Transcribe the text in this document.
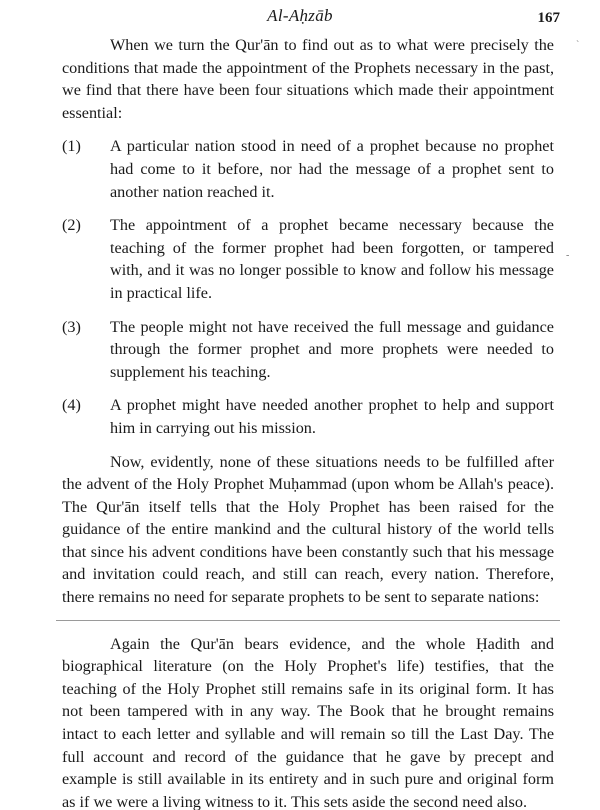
Al-Aḥzāb	167
`
-

When we turn the Qur'ān to find out as to what were precisely the conditions that made the appointment of the Prophets necessary in the past, we find that there have been four situations which made their appointment essential:

(1)	A particular nation stood in need of a prophet because no prophet had come to it before, nor had the message of a prophet sent to another nation reached it.
(2)	The appointment of a prophet became necessary because the teaching of the former prophet had been forgotten, or tampered with, and it was no longer possible to know and follow his message in practical life.
(3)	The people might not have received the full message and guidance through the former prophet and more prophets were needed to supplement his teaching.
(4)	A prophet might have needed another prophet to help and support him in carrying out his mission.

Now, evidently, none of these situations needs to be fulfilled after the advent of the Holy Prophet Muḥammad (upon whom be Allah's peace). The Qur'ān itself tells that the Holy Prophet has been raised for the guidance of the entire mankind and the cultural history of the world tells that since his advent conditions have been constantly such that his message and invitation could reach, and still can reach, every nation. Therefore, there remains no need for separate prophets to be sent to separate nations:

Again the Qur'ān bears evidence, and the whole Ḥadith and biographical literature (on the Holy Prophet's life) testifies, that the teaching of the Holy Prophet still remains safe in its original form. It has not been tampered with in any way. The Book that he brought remains intact to each letter and syllable and will remain so till the Last Day. The full account and record of the guidance that he gave by precept and example is still available in its entirety and in such pure and original form as if we were a living witness to it. This sets aside the second need also.
